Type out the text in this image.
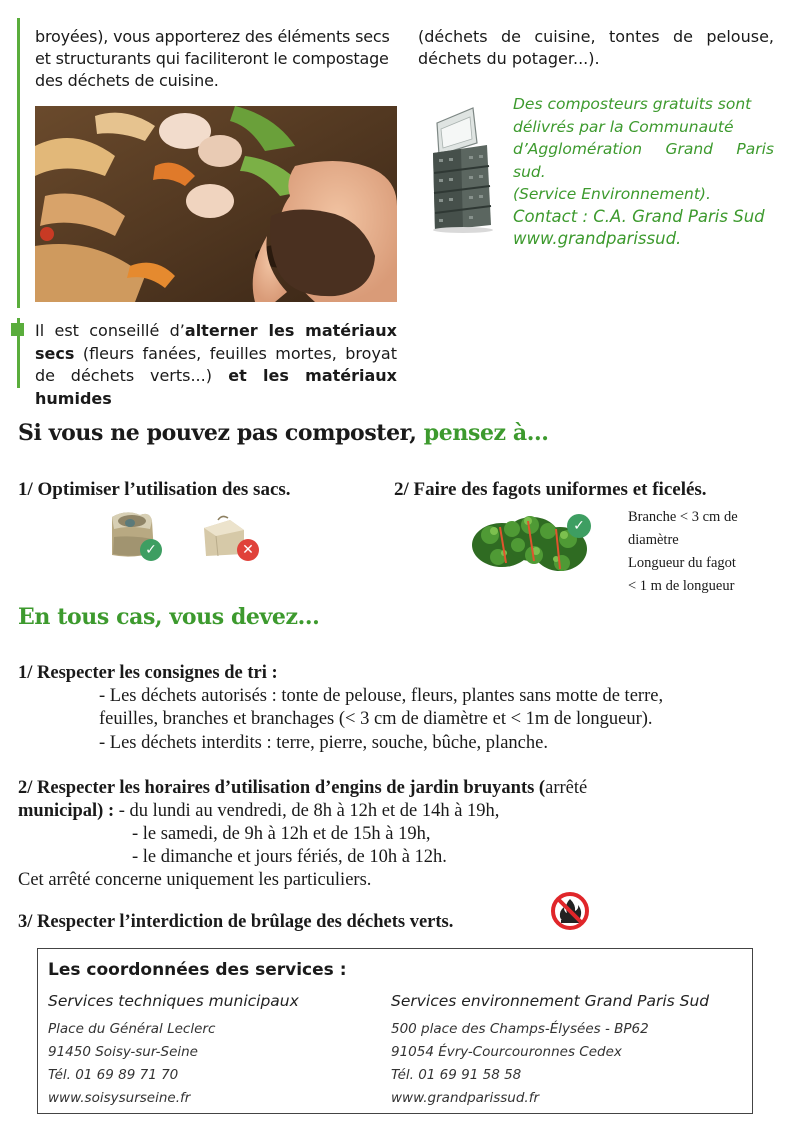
broyées), vous apporterez des éléments secs
et structurants qui faciliteront le compostage
des déchets de cuisine.
Il est conseillé d’alterner les matériaux secs (fleurs fanées, feuilles mortes, broyat de déchets verts...) et les matériaux humides
(déchets de cuisine, tontes de pelouse, déchets du potager...).
Des composteurs gratuits sont
délivrés par la Communauté
d’Agglomération Grand Paris sud.
(Service Environnement).
Contact : C.A. Grand Paris Sud
www.grandparissud.
Si vous ne pouvez pas composter, pensez à...
1/ Optimiser l’utilisation des sacs.	2/ Faire des fagots uniformes et ficelés.
✓	✕
✓
Branche < 3 cm de
diamètre
Longueur du fagot
< 1 m de longueur
En tous cas, vous devez...
1/ Respecter les consignes de tri :
- Les déchets autorisés : tonte de pelouse, fleurs, plantes sans motte de terre,
feuilles, branches et branchages (< 3 cm de diamètre et < 1m de longueur).
- Les déchets interdits : terre, pierre, souche, bûche, planche.
2/ Respecter les horaires d’utilisation d’engins de jardin bruyants (arrêté
municipal) : - du lundi au vendredi, de 8h à 12h et de 14h à 19h,
- le samedi, de 9h à 12h et de 15h à 19h,
- le dimanche et jours fériés, de 10h à 12h.
Cet arrêté concerne uniquement les particuliers.
3/ Respecter l’interdiction de brûlage des déchets verts.
Les coordonnées des services :
Services techniques municipaux
Place du Général Leclerc
91450 Soisy-sur-Seine
Tél. 01 69 89 71 70
www.soisysurseine.fr
Services environnement Grand Paris Sud
500 place des Champs-Élysées - BP62
91054 Évry-Courcouronnes Cedex
Tél. 01 69 91 58 58
www.grandparissud.fr
